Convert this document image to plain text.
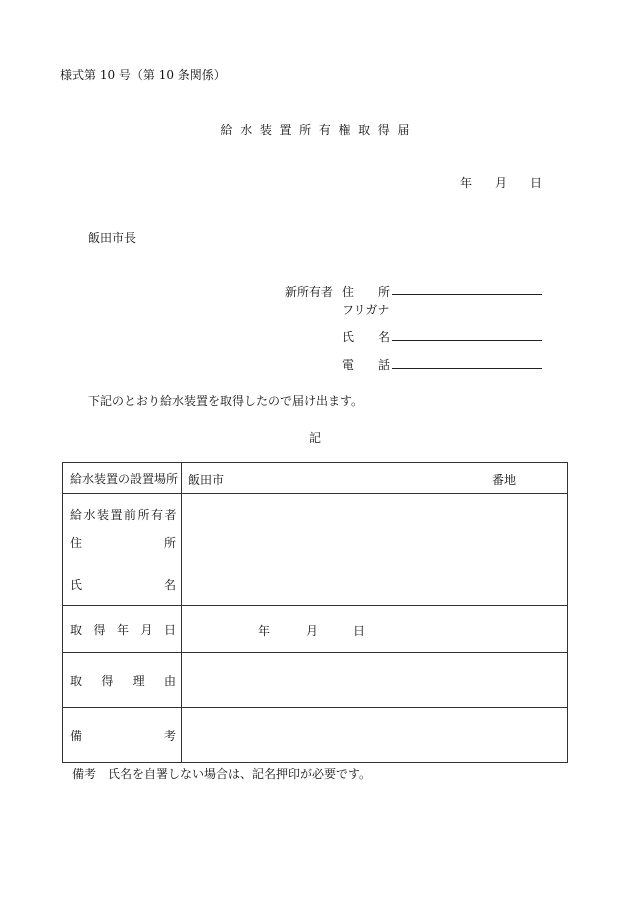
様式第 10 号（第 10 条関係）
給 水 装 置 所 有 権 取 得 届
年 月 日
飯田市長
新所有者 住 所
フリガナ
氏 名
電 話
下記のとおり給水装置を取得したので届け出ます。
記
給水装置の設置場所	飯田市 番地

給水装置前所有者
住 所
氏 名	

取 得 年 月 日	年 月 日

取 得 理 由	

備 考	

備考　氏名を自署しない場合は、記名押印が必要です。
